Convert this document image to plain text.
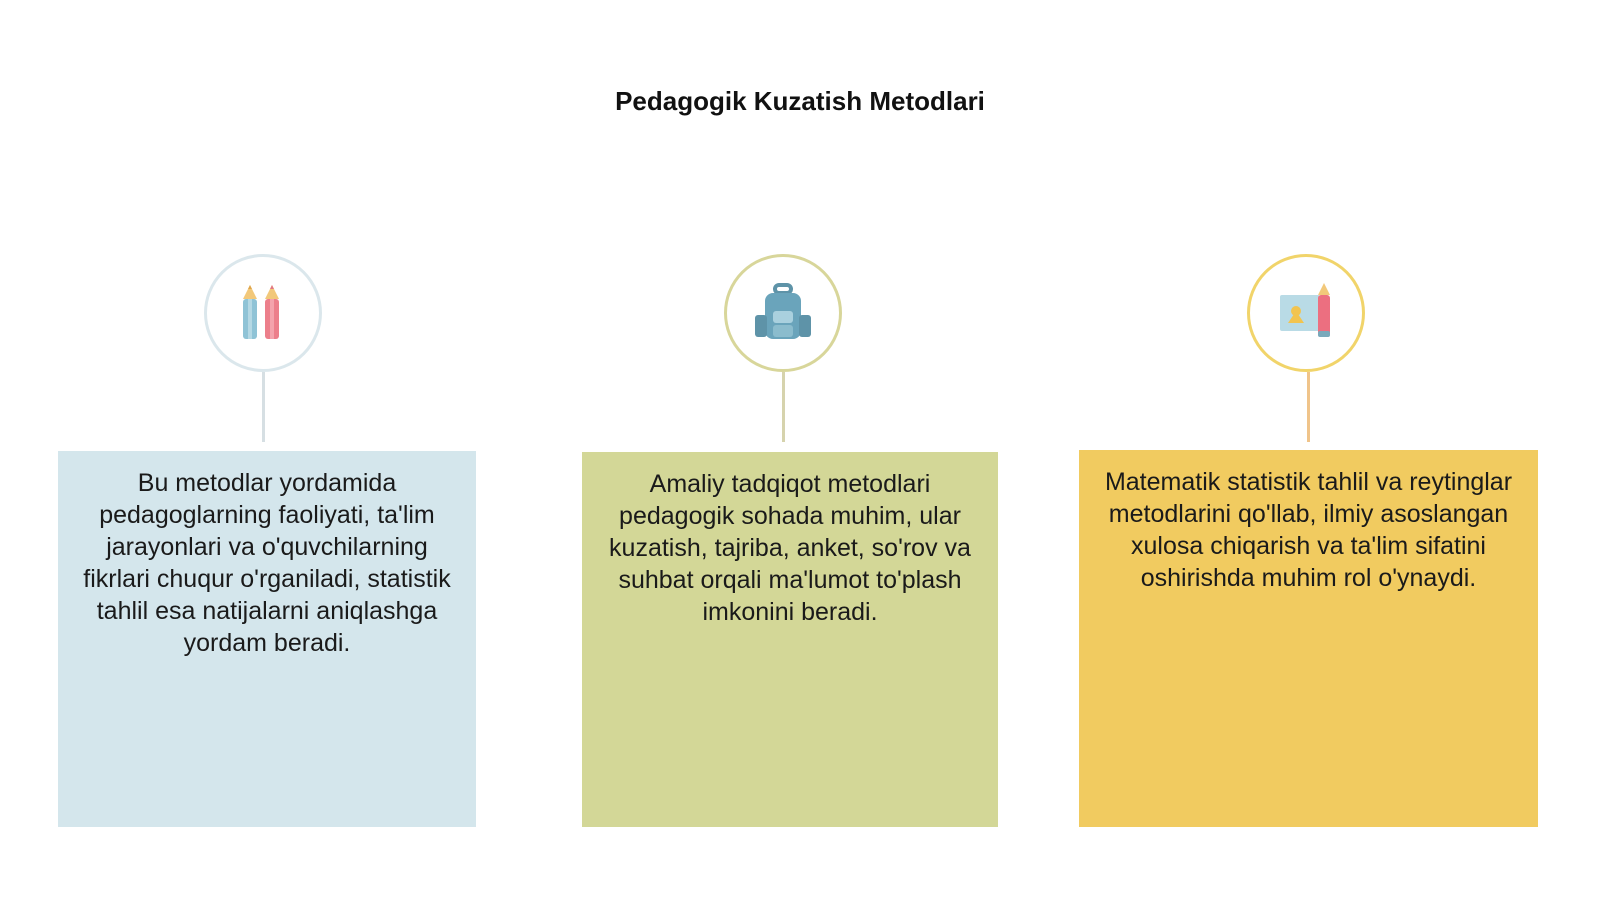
Pedagogik Kuzatish Metodlari
Bu metodlar yordamida pedagoglarning faoliyati, ta'lim jarayonlari va o'quvchilarning fikrlari chuqur o'rganiladi, statistik tahlil esa natijalarni aniqlashga yordam beradi.
Amaliy tadqiqot metodlari pedagogik sohada muhim, ular kuzatish, tajriba, anket, so'rov va suhbat orqali ma'lumot to'plash imkonini beradi.
Matematik statistik tahlil va reytinglar metodlarini qo'llab, ilmiy asoslangan xulosa chiqarish va ta'lim sifatini oshirishda muhim rol o'ynaydi.
